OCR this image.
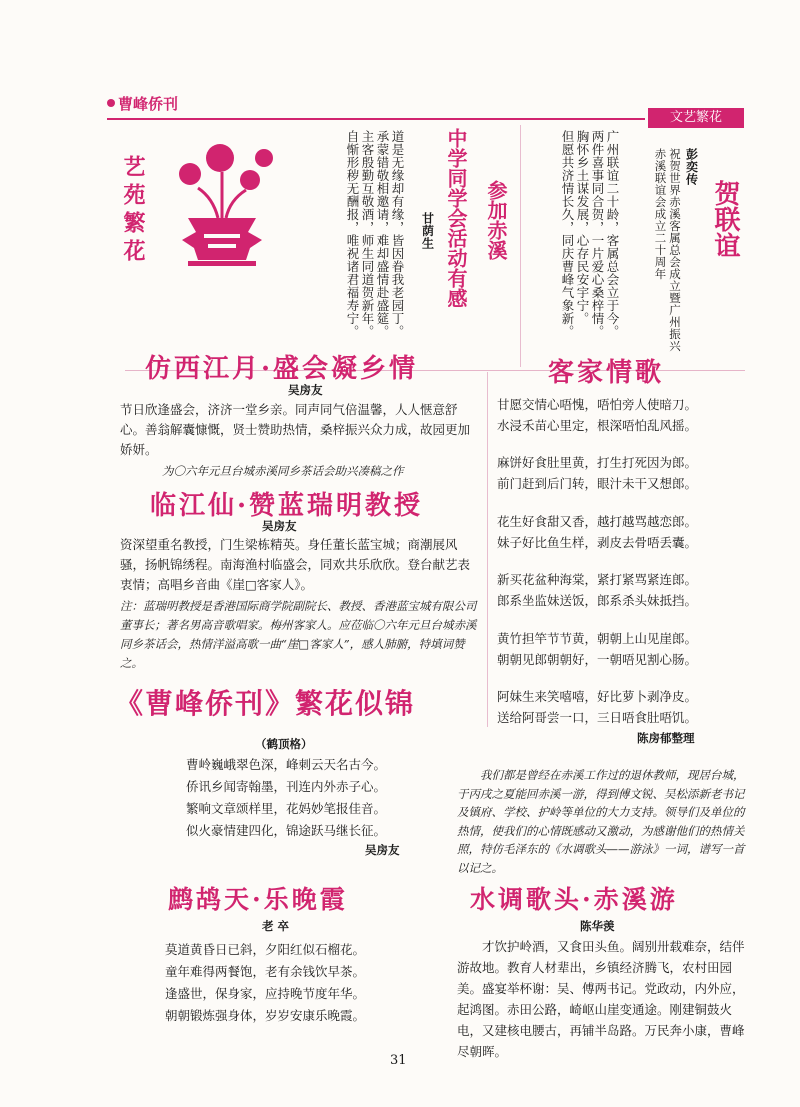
曹峰侨刊
文艺繁花
艺苑繁花	道是无缘却有缘，皆因眷我老园丁。
承蒙错敬相邀请，难却盛情赴盛筵。
主客殷勤互敬酒，师生同道贺新年。
自惭形秽无酬报，唯祝诸君福寿宁。	甘荫生 中学同学会活动有感 参加赤溪	广州联谊二十龄，客属总会立于今。
两件喜事同合贺，一片爱心桑梓情。
胸怀乡土谋发展，心存民安宇宁。
但愿共济情长久，同庆曹峰气象新。	祝贺世界赤溪客属总会成立暨广州振兴赤溪联谊会成立二十周年	彭奕传
贺联谊
仿西江月·盛会凝乡情
吴房友
节日欣逢盛会，济济一堂乡亲。同声同气倍温馨，人人惬意舒心。善翁解囊慷慨，贤士赞助热情，桑梓振兴众力成，故园更加娇妍。
为〇六年元旦台城赤溪同乡茶话会助兴凑稿之作
临江仙·赞蓝瑞明教授
吴房友
资深望重名教授，门生梁栋精英。身任董长蓝宝城；商潮展风骚，扬帆锦绣程。南海渔村临盛会，同欢共乐欣欣。登台献艺表衷情；高唱乡音曲《崖□客家人》。
注：蓝瑞明教授是香港国际商学院副院长、教授、香港蓝宝城有限公司董事长；著名男高音歌唱家。梅州客家人。应莅临〇六年元旦台城赤溪同乡茶话会，热情洋溢高歌一曲“崖□客家人”，感人肺腑，特填词赞之。
《曹峰侨刊》繁花似锦
（鹤顶格）
曹岭巍峨翠色深，峰刺云天名古今。
侨讯乡闻寄翰墨，刊连内外赤子心。
繁响文章颂样里，花妈妙笔报佳音。
似火豪情建四化，锦途跃马继长征。
吴房友
鹧鸪天·乐晚霞
老 卒
莫道黄昏日已斜，夕阳红似石榴花。
童年难得两餐饱，老有余钱饮早茶。
逢盛世，保身家，应持晚节度年华。
朝朝锻炼强身体，岁岁安康乐晚霞。
客家情歌
甘愿交情心唔愧，唔怕旁人使暗刀。
水浸禾苗心里定，根深唔怕乱风摇。
麻饼好食肚里黄，打生打死因为郎。
前门赶到后门转，眼汁未干又想郎。
花生好食甜又香，越打越骂越恋郎。
妹子好比鱼生样，剥皮去骨唔丢囊。
新买花盆种海棠，紧打紧骂紧连郎。
郎系坐监妹送饭，郎系杀头妹抵挡。
黄竹担竿节节黄，朝朝上山见崖郎。
朝朝见郎朝朝好，一朝唔见割心肠。
阿妹生来笑嘻嘻，好比萝卜剥净皮。
送给阿哥尝一口，三日唔食肚唔饥。
陈房郁整理
我们都是曾经在赤溪工作过的退休教师，现居台城，于丙戌之夏能回赤溪一游，得到傅文锐、吴松添新老书记及镇府、学校、护岭等单位的大力支持。领导们及单位的热情，使我们的心情既感动又激动，为感谢他们的热情关照，特仿毛泽东的《水调歌头——游泳》一词，谱写一首以记之。
水调歌头·赤溪游
陈华羡
才饮护岭酒，又食田头鱼。阔别卅载难奈，结伴游故地。教育人材辈出，乡镇经济腾飞，农村田园美。盛宴举杯谢：吴、傅两书记。党政动，内外应，起鸿图。赤田公路，崎岖山崖变通途。刚建铜鼓火电，又建核电腰古，再铺半岛路。万民奔小康，曹峰尽朝晖。
31
